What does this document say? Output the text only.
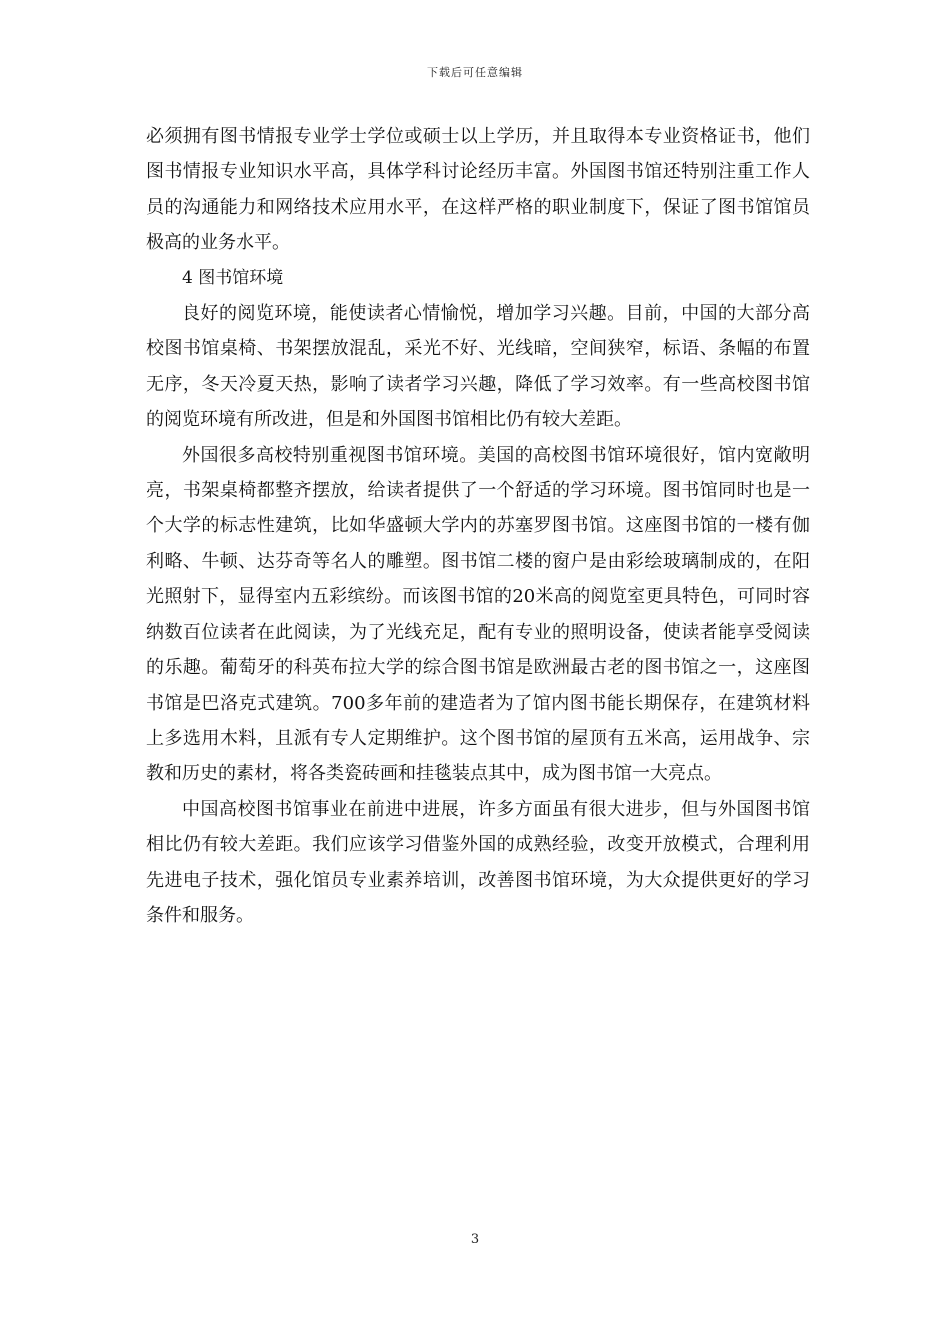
下载后可任意编辑

必须拥有图书情报专业学士学位或硕士以上学历，并且取得本专业资格证书，他们图书情报专业知识水平高，具体学科讨论经历丰富。外国图书馆还特别注重工作人员的沟通能力和网络技术应用水平，在这样严格的职业制度下，保证了图书馆馆员极高的业务水平。

4 图书馆环境

良好的阅览环境，能使读者心情愉悦，增加学习兴趣。目前，中国的大部分高校图书馆桌椅、书架摆放混乱，采光不好、光线暗，空间狭窄，标语、条幅的布置无序，冬天冷夏天热，影响了读者学习兴趣，降低了学习效率。有一些高校图书馆的阅览环境有所改进，但是和外国图书馆相比仍有较大差距。

外国很多高校特别重视图书馆环境。美国的高校图书馆环境很好，馆内宽敞明亮，书架桌椅都整齐摆放，给读者提供了一个舒适的学习环境。图书馆同时也是一个大学的标志性建筑，比如华盛顿大学内的苏塞罗图书馆。这座图书馆的一楼有伽利略、牛顿、达芬奇等名人的雕塑。图书馆二楼的窗户是由彩绘玻璃制成的，在阳光照射下，显得室内五彩缤纷。而该图书馆的20米高的阅览室更具特色，可同时容纳数百位读者在此阅读，为了光线充足，配有专业的照明设备，使读者能享受阅读的乐趣。葡萄牙的科英布拉大学的综合图书馆是欧洲最古老的图书馆之一，这座图书馆是巴洛克式建筑。700多年前的建造者为了馆内图书能长期保存，在建筑材料上多选用木料，且派有专人定期维护。这个图书馆的屋顶有五米高，运用战争、宗教和历史的素材，将各类瓷砖画和挂毯装点其中，成为图书馆一大亮点。

中国高校图书馆事业在前进中进展，许多方面虽有很大进步，但与外国图书馆相比仍有较大差距。我们应该学习借鉴外国的成熟经验，改变开放模式，合理利用先进电子技术，强化馆员专业素养培训，改善图书馆环境，为大众提供更好的学习条件和服务。

3
